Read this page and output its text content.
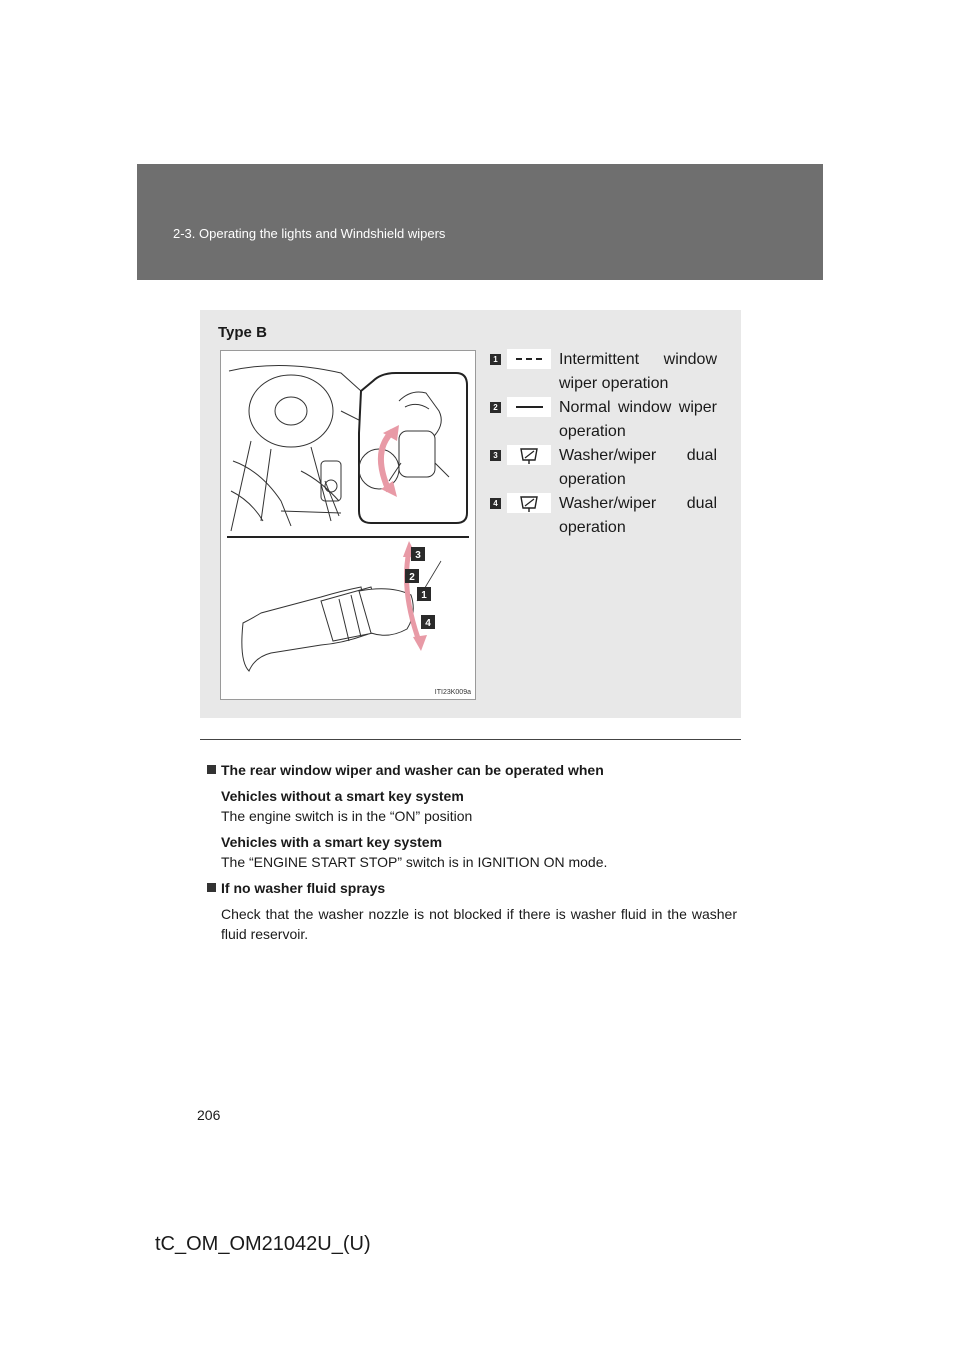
2-3. Operating the lights and Windshield wipers
Type B
3
2
1
4
ITI23K009a
1	Intermittent window wiper operation
2	Normal window wiper operation
3	Washer/wiper dual operation
4	Washer/wiper dual operation

The rear window wiper and washer can be operated when

Vehicles without a smart key system

The engine switch is in the “ON” position

Vehicles with a smart key system

The “ENGINE START STOP” switch is in IGNITION ON mode.

If no washer fluid sprays

Check that the washer nozzle is not blocked if there is washer fluid in the washer fluid reservoir.

206
tC_OM_OM21042U_(U)
